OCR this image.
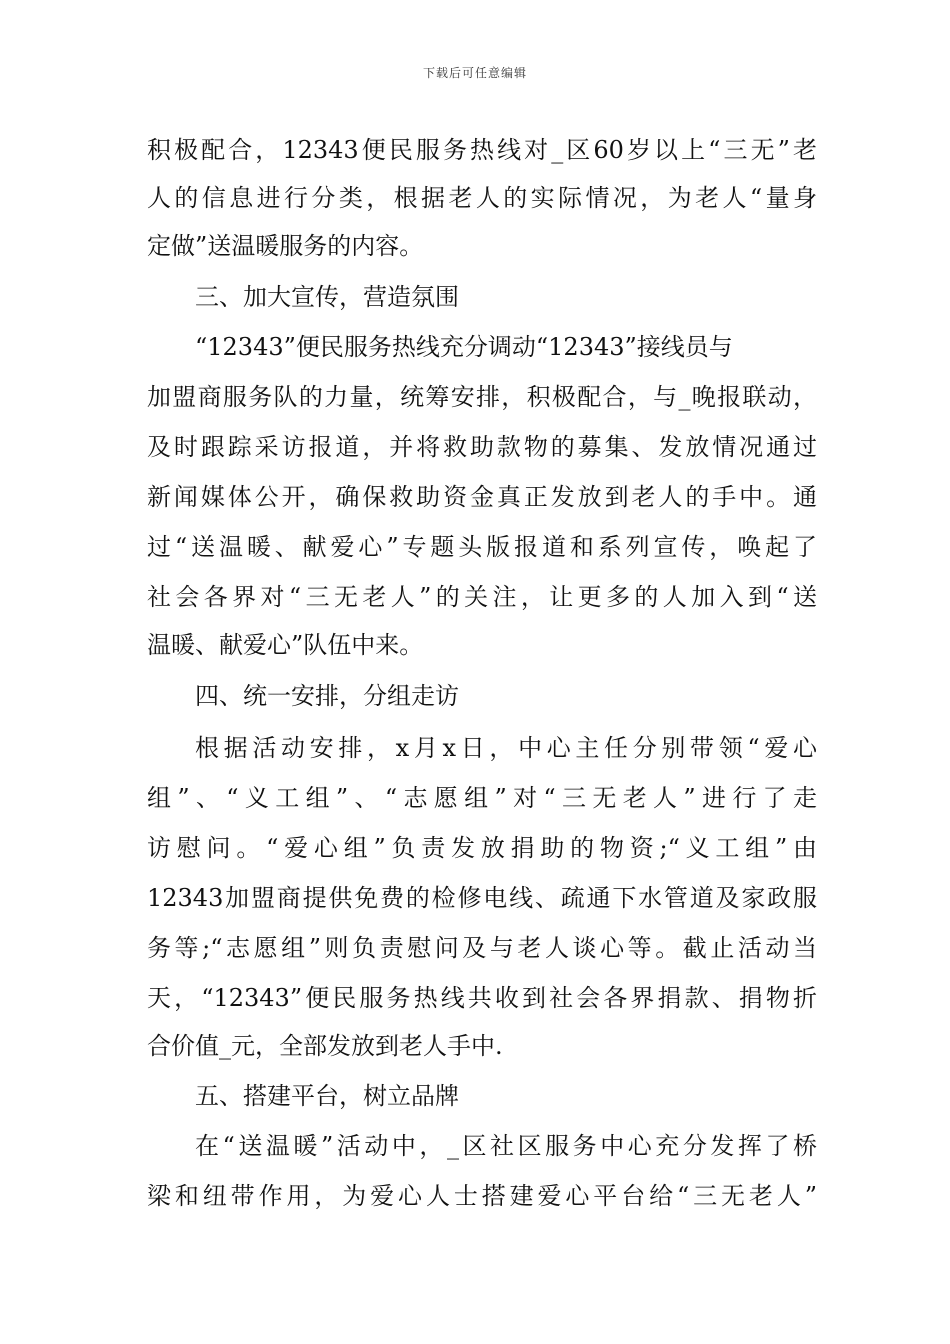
下载后可任意编辑
积极配合，12343便民服务热线对_区60岁以上“三无”老
人的信息进行分类，根据老人的实际情况，为老人“量身
定做”送温暖服务的内容。
三、加大宣传，营造氛围
“12343”便民服务热线充分调动“12343”接线员与
加盟商服务队的力量，统筹安排，积极配合，与_晚报联动，
及时跟踪采访报道，并将救助款物的募集、发放情况通过
新闻媒体公开，确保救助资金真正发放到老人的手中。通
过“送温暖、献爱心”专题头版报道和系列宣传，唤起了
社会各界对“三无老人”的关注，让更多的人加入到“送
温暖、献爱心”队伍中来。
四、统一安排，分组走访
根据活动安排，x月x日，中心主任分别带领“爱心
组”、“义工组”、“志愿组”对“三无老人”进行了走
访慰问。“爱心组”负责发放捐助的物资;“义工组”由
12343加盟商提供免费的检修电线、疏通下水管道及家政服
务等;“志愿组”则负责慰问及与老人谈心等。截止活动当
天，“12343”便民服务热线共收到社会各界捐款、捐物折
合价值_元，全部发放到老人手中.
五、搭建平台，树立品牌
在“送温暖”活动中，_区社区服务中心充分发挥了桥
梁和纽带作用，为爱心人士搭建爱心平台给“三无老人”
